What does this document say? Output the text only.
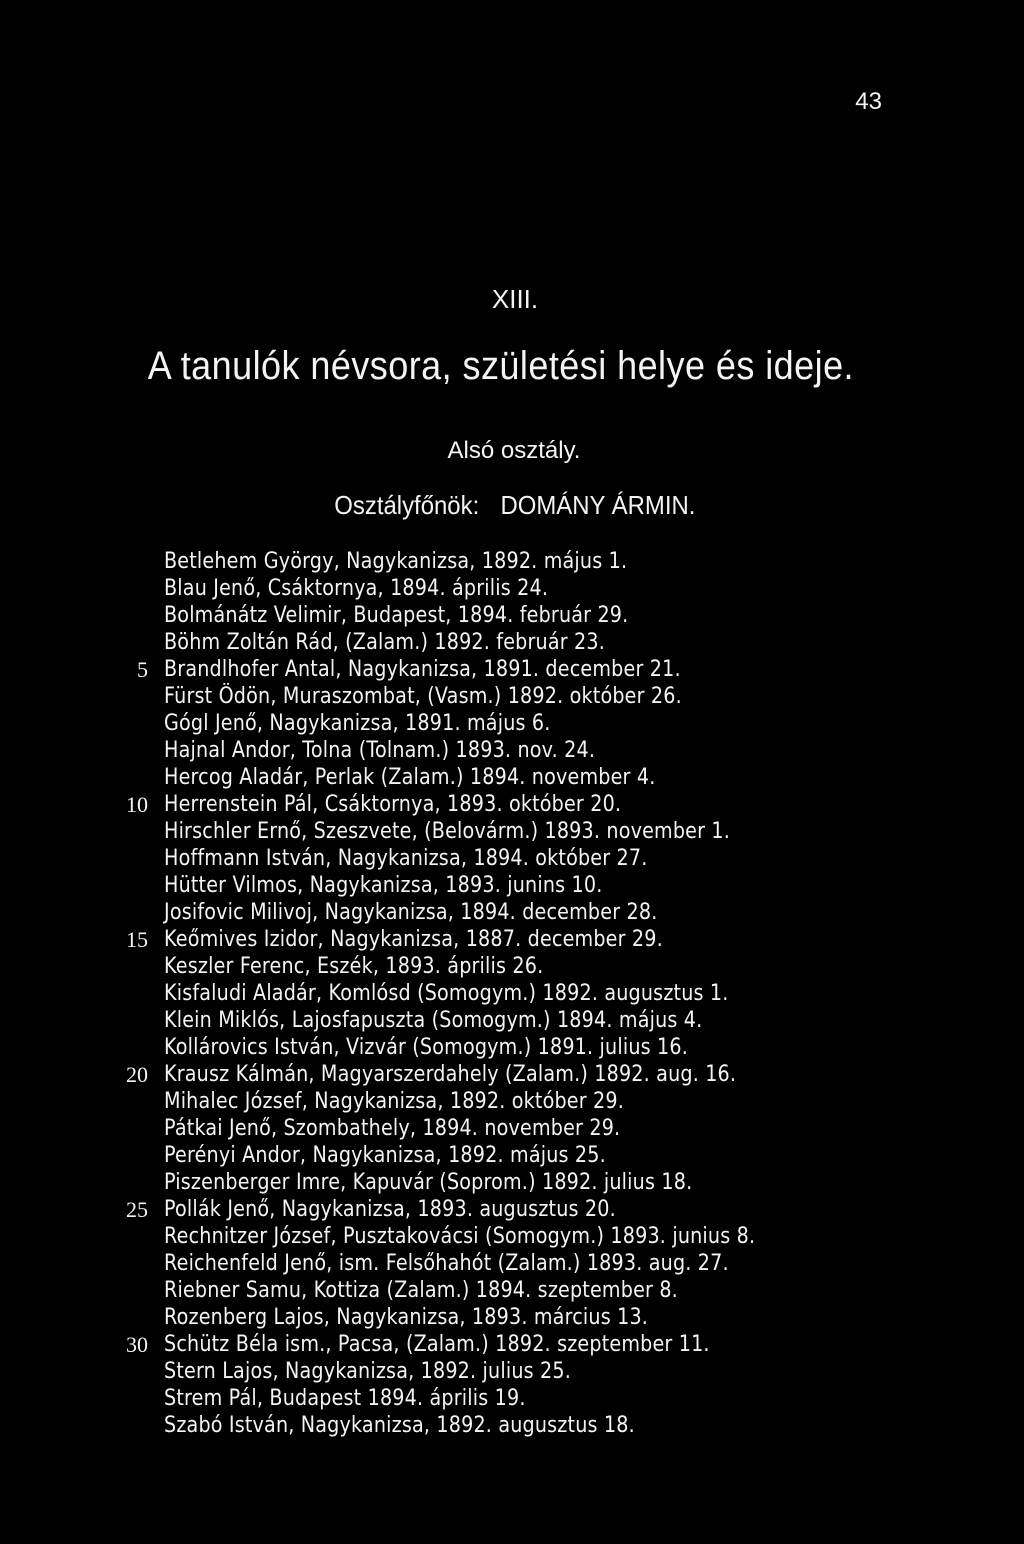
43
XIII.
A tanulók névsora, születési helye és ideje.
Alsó osztály.
Osztályfőnök: DOMÁNY ÁRMIN.
Betlehem György, Nagykanizsa, 1892. május 1.
Blau Jenő, Csáktornya, 1894. április 24.
Bolmánátz Velimir, Budapest, 1894. február 29.
Böhm Zoltán Rád, (Zalam.) 1892. február 23.
5 Brandlhofer Antal, Nagykanizsa, 1891. december 21.
Fürst Ödön, Muraszombat, (Vasm.) 1892. október 26.
Gógl Jenő, Nagykanizsa, 1891. május 6.
Hajnal Andor, Tolna (Tolnam.) 1893. nov. 24.
Hercog Aladár, Perlak (Zalam.) 1894. november 4.
10 Herrenstein Pál, Csáktornya, 1893. október 20.
Hirschler Ernő, Szeszvete, (Belovárm.) 1893. november 1.
Hoffmann István, Nagykanizsa, 1894. október 27.
Hütter Vilmos, Nagykanizsa, 1893. junins 10.
Josifovic Milivoj, Nagykanizsa, 1894. december 28.
15 Keőmives Izidor, Nagykanizsa, 1887. december 29.
Keszler Ferenc, Eszék, 1893. április 26.
Kisfaludi Aladár, Komlósd (Somogym.) 1892. augusztus 1.
Klein Miklós, Lajosfapuszta (Somogym.) 1894. május 4.
Kollárovics István, Vizvár (Somogym.) 1891. julius 16.
20 Krausz Kálmán, Magyarszerdahely (Zalam.) 1892. aug. 16.
Mihalec József, Nagykanizsa, 1892. október 29.
Pátkai Jenő, Szombathely, 1894. november 29.
Perényi Andor, Nagykanizsa, 1892. május 25.
Piszenberger Imre, Kapuvár (Soprom.) 1892. julius 18.
25 Pollák Jenő, Nagykanizsa, 1893. augusztus 20.
Rechnitzer József, Pusztakovácsi (Somogym.) 1893. junius 8.
Reichenfeld Jenő, ism. Felsőhahót (Zalam.) 1893. aug. 27.
Riebner Samu, Kottiza (Zalam.) 1894. szeptember 8.
Rozenberg Lajos, Nagykanizsa, 1893. március 13.
30 Schütz Béla ism., Pacsa, (Zalam.) 1892. szeptember 11.
Stern Lajos, Nagykanizsa, 1892. julius 25.
Strem Pál, Budapest 1894. április 19.
Szabó István, Nagykanizsa, 1892. augusztus 18.
